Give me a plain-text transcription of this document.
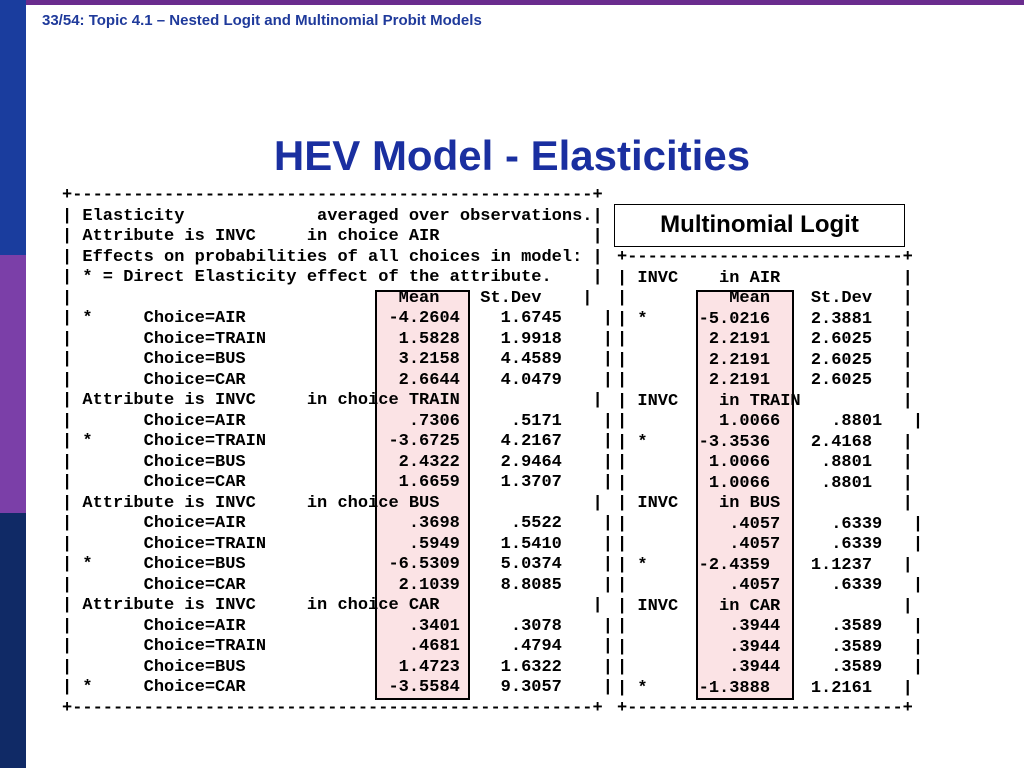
33/54: Topic 4.1 – Nested Logit and Multinomial Probit Models
HEV Model - Elasticities
+---------------------------------------------------+
| Elasticity             averaged over observations.|
| Attribute is INVC     in choice AIR               |
| Effects on probabilities of all choices in model: |
| * = Direct Elasticity effect of the attribute.    |
|                                Mean    St.Dev    |
| *     Choice=AIR              -4.2604    1.6745    |
|       Choice=TRAIN             1.5828    1.9918    |
|       Choice=BUS               3.2158    4.4589    |
|       Choice=CAR               2.6644    4.0479    |
| Attribute is INVC     in choice TRAIN             |
|       Choice=AIR                .7306     .5171    |
| *     Choice=TRAIN            -3.6725    4.2167    |
|       Choice=BUS               2.4322    2.9464    |
|       Choice=CAR               1.6659    1.3707    |
| Attribute is INVC     in choice BUS               |
|       Choice=AIR                .3698     .5522    |
|       Choice=TRAIN              .5949    1.5410    |
| *     Choice=BUS              -6.5309    5.0374    |
|       Choice=CAR               2.1039    8.8085    |
| Attribute is INVC     in choice CAR               |
|       Choice=AIR                .3401     .3078    |
|       Choice=TRAIN              .4681     .4794    |
|       Choice=BUS               1.4723    1.6322    |
| *     Choice=CAR              -3.5584    9.3057    |
+---------------------------------------------------+
+---------------------------+
| INVC    in AIR            |
|          Mean    St.Dev   |
| *     -5.0216    2.3881   |
|        2.2191    2.6025   |
|        2.2191    2.6025   |
|        2.2191    2.6025   |
| INVC    in TRAIN          |
|         1.0066     .8801   |
| *     -3.3536    2.4168   |
|        1.0066     .8801   |
|        1.0066     .8801   |
| INVC    in BUS            |
|          .4057     .6339   |
|          .4057     .6339   |
| *     -2.4359    1.1237   |
|          .4057     .6339   |
| INVC    in CAR            |
|          .3944     .3589   |
|          .3944     .3589   |
|          .3944     .3589   |
| *     -1.3888    1.2161   |
+---------------------------+
Multinomial Logit
